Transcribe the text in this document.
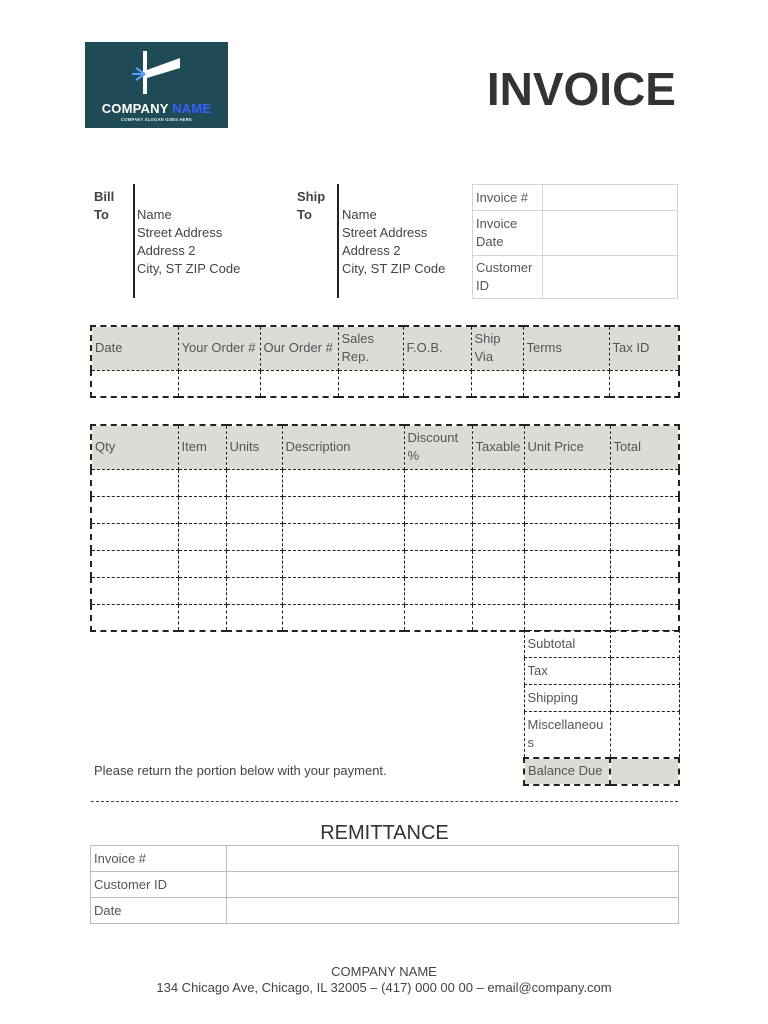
COMPANY NAME
COMPANY SLOGAN GOES HERE
INVOICE
Bill
To	Name
Street Address
Address 2
City, ST ZIP Code
Ship
To	Name
Street Address
Address 2
City, ST ZIP Code
Invoice #	
Invoice Date	
Customer ID	
Date	Your Order #	Our Order #	Sales Rep.	F.O.B.	Ship Via	Terms	Tax ID

Qty	Item	Units	Description	Discount %	Taxable	Unit Price	Total

Subtotal	
Tax	
Shipping	
Miscellaneous	
Balance Due	
Please return the portion below with your payment.
REMITTANCE
Invoice #	
Customer ID	
Date	
COMPANY NAME
134 Chicago Ave, Chicago, IL 32005 – (417) 000 00 00 – email@company.com
